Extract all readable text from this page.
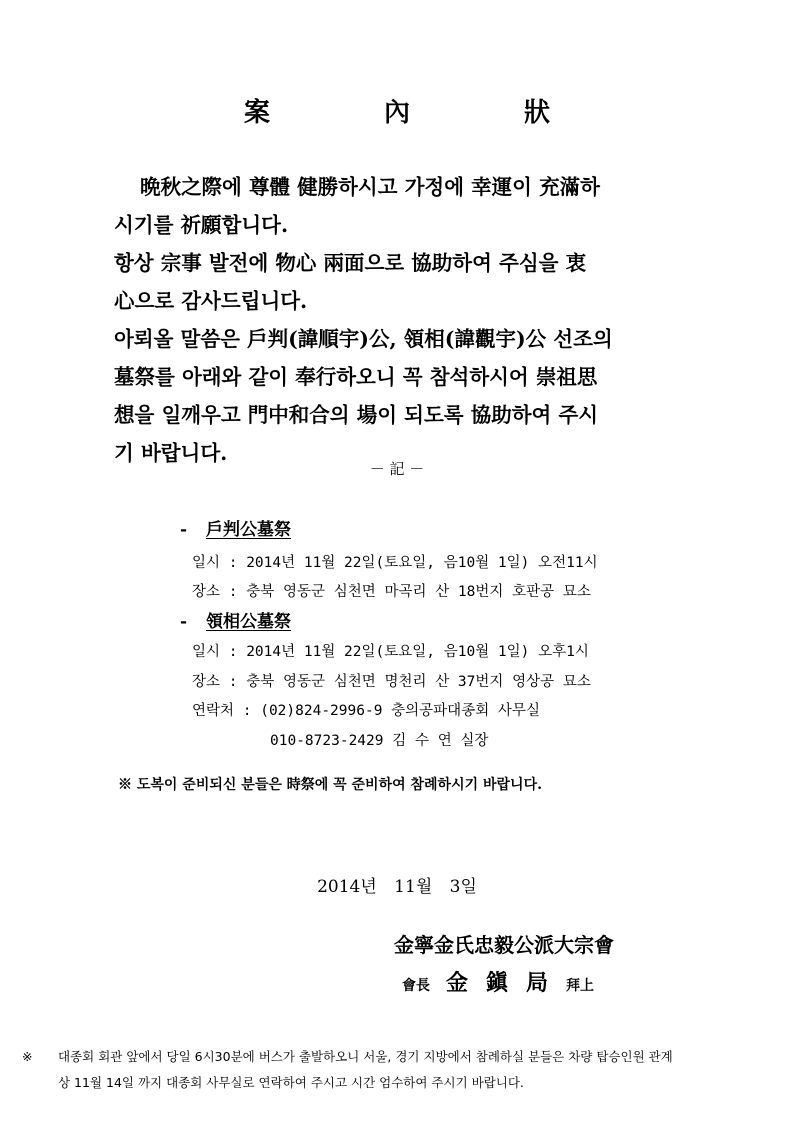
案　內　狀

晩秋之際에 尊體 健勝하시고 가정에 幸運이 充滿하

시기를 祈願합니다.

항상 宗事 발전에 物心 兩面으로 協助하여 주심을 衷

心으로 감사드립니다.

아뢰올 말씀은 戶判(諱順宇)公, 領相(諱觀宇)公 선조의

墓祭를 아래와 같이 奉行하오니 꼭 참석하시어 崇祖思

想을 일깨우고 門中和合의 場이 되도록 協助하여 주시

기 바랍니다.

－ 記 －
- 戶判公墓祭
일시 : 2014년 11월 22일(토요일, 음10월 1일) 오전11시
장소 : 충북 영동군 심천면 마곡리 산 18번지 호판공 묘소
- 領相公墓祭
일시 : 2014년 11월 22일(토요일, 음10월 1일) 오후1시
장소 : 충북 영동군 심천면 명천리 산 37번지 영상공 묘소
연락처 : (02)824-2996-9 충의공파대종회 사무실
010-8723-2429 김 수 연 실장
※ 도복이 준비되신 분들은 時祭에 꼭 준비하여 참례하시기 바랍니다.
2014년 11월 3일
金寧金氏忠毅公派大宗會
會長 金鎭局拜上
※ 대종회 회관 앞에서 당일 6시30분에 버스가 출발하오니 서울, 경기 지방에서 참례하실 분들은 차량 탑승인원 관계
상 11월 14일 까지 대종회 사무실로 연락하여 주시고 시간 엄수하여 주시기 바랍니다.
